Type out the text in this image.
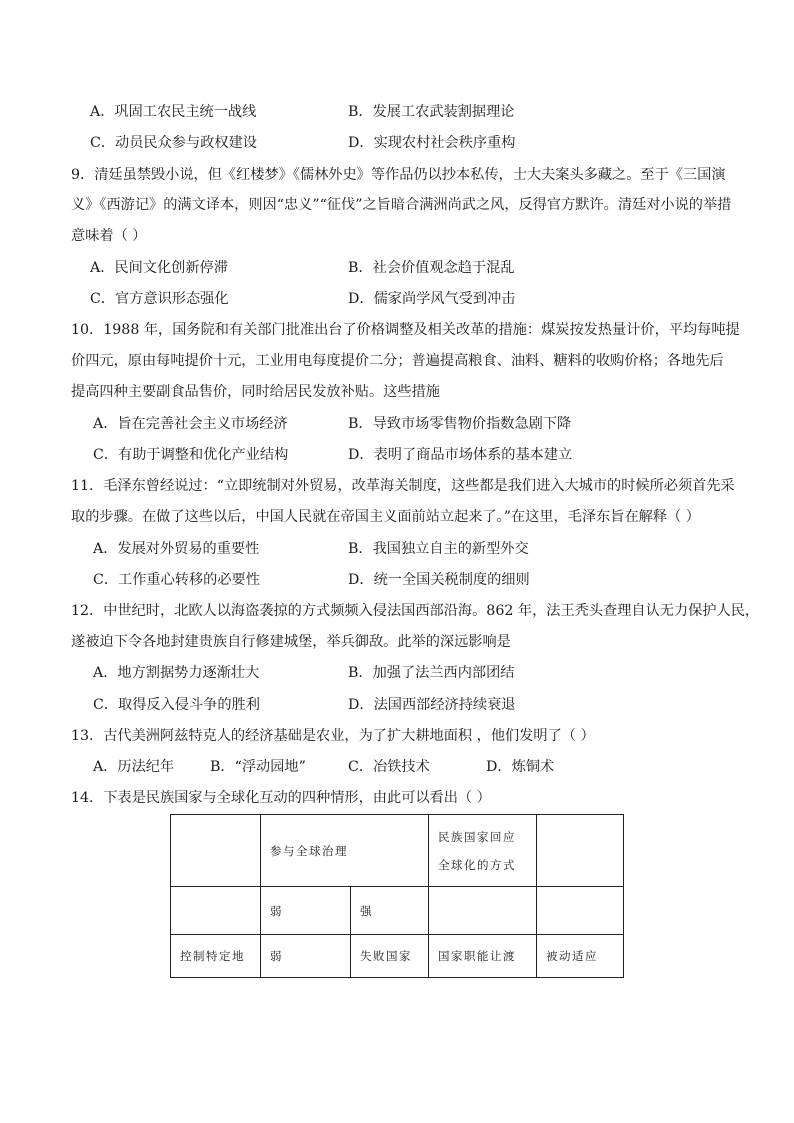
A．巩固工农民主统一战线	B．发展工农武装割据理论
C．动员民众参与政权建设	D．实现农村社会秩序重构
9．清廷虽禁毁小说，但《红楼梦》《儒林外史》等作品仍以抄本私传，士大夫案头多藏之。至于《三国演
义》《西游记》的满文译本，则因“忠义”“征伐”之旨暗合满洲尚武之风，反得官方默许。清廷对小说的举措
意味着（ ）
A．民间文化创新停滞	B．社会价值观念趋于混乱
C．官方意识形态强化	D．儒家尚学风气受到冲击
10．1988 年，国务院和有关部门批准出台了价格调整及相关改革的措施：煤炭按发热量计价，平均每吨提
价四元，原由每吨提价十元，工业用电每度提价二分；普遍提高粮食、油料、糖料的收购价格；各地先后
提高四种主要副食品售价，同时给居民发放补贴。这些措施
A．旨在完善社会主义市场经济	B．导致市场零售物价指数急剧下降
C．有助于调整和优化产业结构	D．表明了商品市场体系的基本建立
11．毛泽东曾经说过：“立即统制对外贸易，改革海关制度，这些都是我们进入大城市的时候所必须首先采
取的步骤。在做了这些以后，中国人民就在帝国主义面前站立起来了。”在这里，毛泽东旨在解释（ ）
A．发展对外贸易的重要性	B．我国独立自主的新型外交
C．工作重心转移的必要性	D．统一全国关税制度的细则
12．中世纪时，北欧人以海盗袭掠的方式频频入侵法国西部沿海。862 年，法王秃头查理自认无力保护人民，
遂被迫下令各地封建贵族自行修建城堡，举兵御敌。此举的深远影响是
A．地方割据势力逐渐壮大	B．加强了法兰西内部团结
C．取得反入侵斗争的胜利	D．法国西部经济持续衰退
13．古代美洲阿兹特克人的经济基础是农业，为了扩大耕地面积 ，他们发明了（ ）
A．历法纪年	B．“浮动园地”	C．冶铁技术	D．炼铜术
14．下表是民族国家与全球化互动的四种情形，由此可以看出（ ）
	参与全球治理		民族国家回应
全球化的方式	

	弱	强		
控制特定地	弱	失败国家	国家职能让渡	被动适应
